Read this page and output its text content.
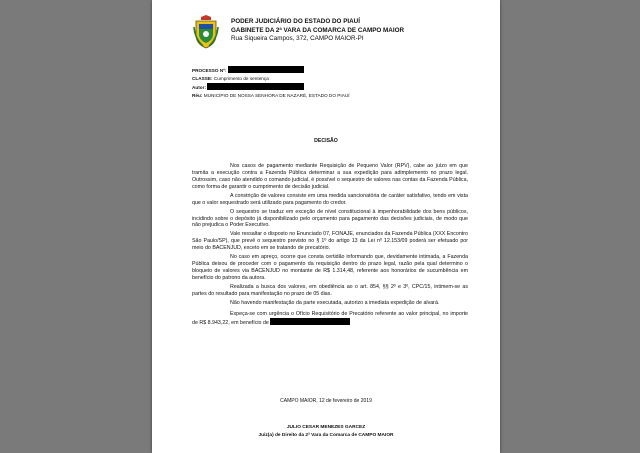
PODER JUDICIÁRIO DO ESTADO DO PIAUÍ
GABINETE DA 2ª VARA DA COMARCA DE CAMPO MAIOR
Rua Siqueira Campos, 372, CAMPO MAIOR-PI
PROCESSO Nº:
CLASSE: Cumprimento de sentença
Autor:
Réu: MUNICÍPIO DE NOSSA SENHORA DE NAZARÉ, ESTADO DO PIAUÍ
DECISÃO

Nos casos de pagamento mediante Requisição de Pequeno Valor (RPV), cabe ao juízo em que tramita a execução contra a Fazenda Pública determinar a sua expedição para adimplemento no prazo legal. Outrossim, caso não atendido o comando judicial, é possível o sequestro de valores nas contas da Fazenda Pública, como forma de garantir o cumprimento de decisão judicial.

A constrição de valores consiste em uma medida sancionatória de caráter satisfativo, tendo em vista que o valor sequestrado será utilizado para pagamento do credor.

O sequestro se traduz em exceção de nível constitucional à impenhorabilidade dos bens públicos, incidindo sobre o depósito já disponibilizado pelo orçamento para pagamento das decisões judiciais, de modo que não prejudica o Poder Executivo.

Vale ressaltar o disposto no Enunciado 07, FONAJE, enunciados da Fazenda Pública (XXX Encontro São Paulo/SP), que prevê o sequestro previsto no § 1º do artigo 13 da Lei nº 12.153/09 poderá ser efetuado por meio do BACENJUD, exceto em se tratando de precatório.

No caso em apreço, ocorre que consta certidão informando que, devidamente intimada, a Fazenda Pública deixou de proceder com o pagamento da requisição dentro do prazo legal, razão pela qual determino o bloqueio de valores via BACENJUD no montante de R$ 1.314,48, referente aos honorários de sucumbência em benefício do patrono da autora.

Realizada a busca dos valores, em obediência ao o art. 854, §§ 2º e 3º, CPC/15, intimem-se as partes do resultado para manifestação no prazo de 05 dias.

Não havendo manifestação da parte executada, autorizo a imediata expedição de alvará.

Expeça-se com urgência o Ofício Requisitório de Precatório referente ao valor principal, no importe de R$ 8.943,22, em benefício de

CAMPO MAIOR, 12 de fevereiro de 2019
JULIO CESAR MENEZES GARCEZ
Juiz(a) de Direito da 2ª Vara da Comarca de CAMPO MAIOR
